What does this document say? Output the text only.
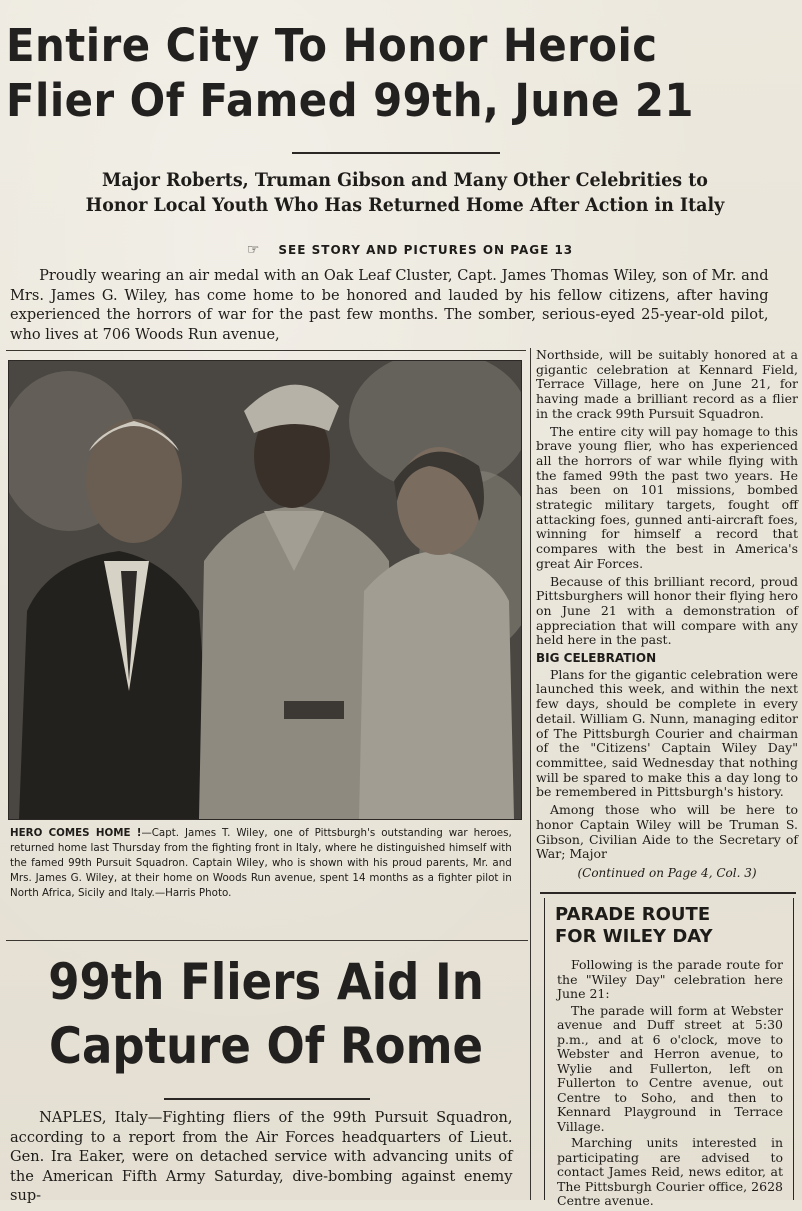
Entire City To Honor Heroic
Flier Of Famed 99th, June 21
Major Roberts, Truman Gibson and Many Other Celebrities to
Honor Local Youth Who Has Returned Home After Action in Italy
☞ SEE STORY AND PICTURES ON PAGE 13
Proudly wearing an air medal with an Oak Leaf Cluster, Capt. James Thomas Wiley, son of Mr. and Mrs. James G. Wiley, has come home to be honored and lauded by his fellow citizens, after having experienced the horrors of war for the past few months. The somber, serious-eyed 25-year-old pilot, who lives at 706 Woods Run avenue,
HERO COMES HOME !—Capt. James T. Wiley, one of Pittsburgh's outstanding war heroes, returned home last Thursday from the fighting front in Italy, where he distinguished himself with the famed 99th Pursuit Squadron. Captain Wiley, who is shown with his proud parents, Mr. and Mrs. James G. Wiley, at their home on Woods Run avenue, spent 14 months as a fighter pilot in North Africa, Sicily and Italy.—Harris Photo.
99th Fliers Aid In
Capture Of Rome
NAPLES, Italy—Fighting fliers of the 99th Pursuit Squadron, according to a report from the Air Forces headquarters of Lieut. Gen. Ira Eaker, were on detached service with advancing units of the American Fifth Army Saturday, dive-bombing against enemy sup-

Northside, will be suitably honored at a gigantic celebration at Kennard Field, Terrace Village, here on June 21, for having made a brilliant record as a flier in the crack 99th Pursuit Squadron.

The entire city will pay homage to this brave young flier, who has experienced all the horrors of war while flying with the famed 99th the past two years. He has been on 101 missions, bombed strategic military targets, fought off attacking foes, gunned anti-aircraft foes, winning for himself a record that compares with the best in America's great Air Forces.

Because of this brilliant record, proud Pittsburghers will honor their flying hero on June 21 with a demonstration of appreciation that will compare with any held here in the past.

BIG CELEBRATION

Plans for the gigantic celebration were launched this week, and within the next few days, should be complete in every detail. William G. Nunn, managing editor of The Pittsburgh Courier and chairman of the "Citizens' Captain Wiley Day" committee, said Wednesday that nothing will be spared to make this a day long to be remembered in Pittsburgh's history.

Among those who will be here to honor Captain Wiley will be Truman S. Gibson, Civilian Aide to the Secretary of War; Major

(Continued on Page 4, Col. 3)
PARADE ROUTE
FOR WILEY DAY

Following is the parade route for the "Wiley Day" celebration here June 21:

The parade will form at Webster avenue and Duff street at 5:30 p.m., and at 6 o'clock, move to Webster and Herron avenue, to Wylie and Fullerton, left on Fullerton to Centre avenue, out Centre to Soho, and then to Kennard Playground in Terrace Village.

Marching units interested in participating are advised to contact James Reid, news editor, at The Pittsburgh Courier office, 2628 Centre avenue.
